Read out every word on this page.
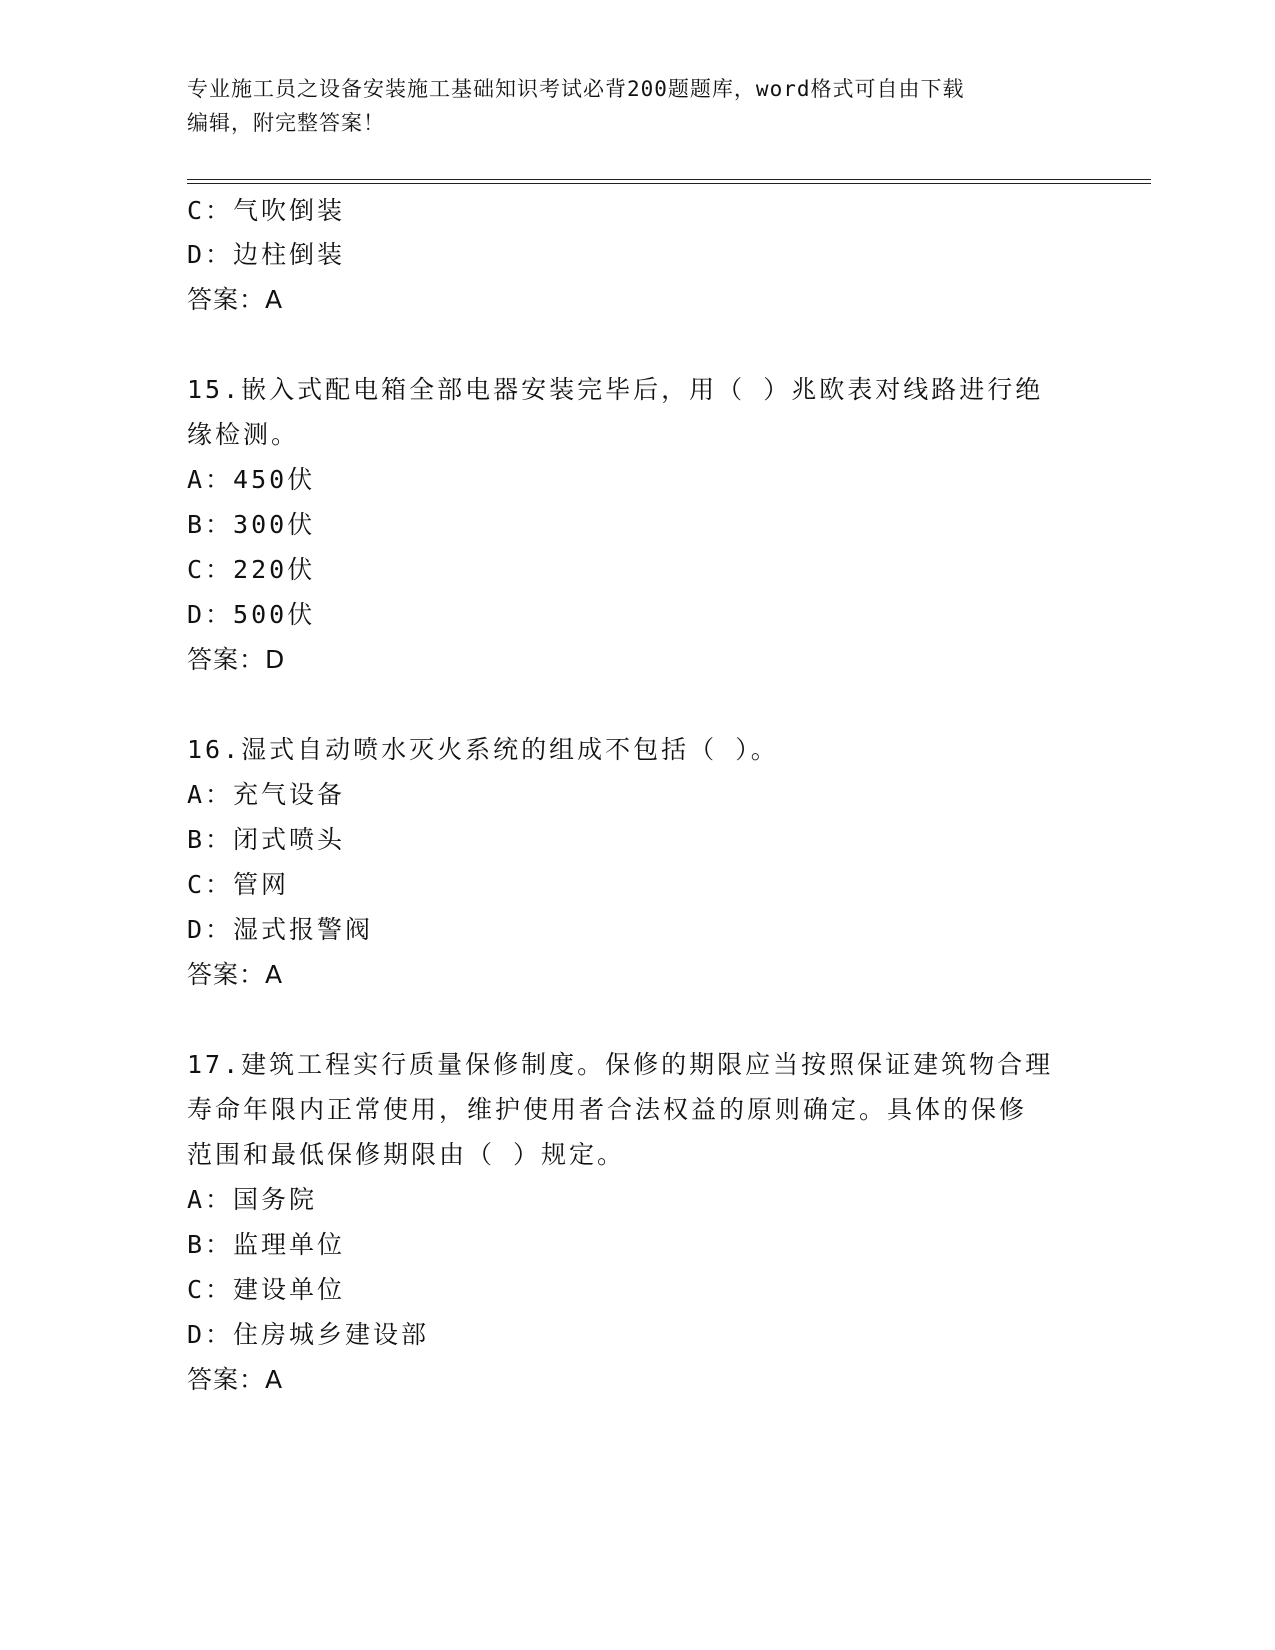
专业施工员之设备安装施工基础知识考试必背200题题库，word格式可自由下载
编辑，附完整答案！
C：气吹倒装
D：边柱倒装
答案：A
15.嵌入式配电箱全部电器安装完毕后，用（ ）兆欧表对线路进行绝
缘检测。
A：450伏
B：300伏
C：220伏
D：500伏
答案：D
16.湿式自动喷水灭火系统的组成不包括（ ）。
A：充气设备
B：闭式喷头
C：管网
D：湿式报警阀
答案：A
17.建筑工程实行质量保修制度。保修的期限应当按照保证建筑物合理
寿命年限内正常使用，维护使用者合法权益的原则确定。具体的保修
范围和最低保修期限由（ ）规定。
A：国务院
B：监理单位
C：建设单位
D：住房城乡建设部
答案：A
